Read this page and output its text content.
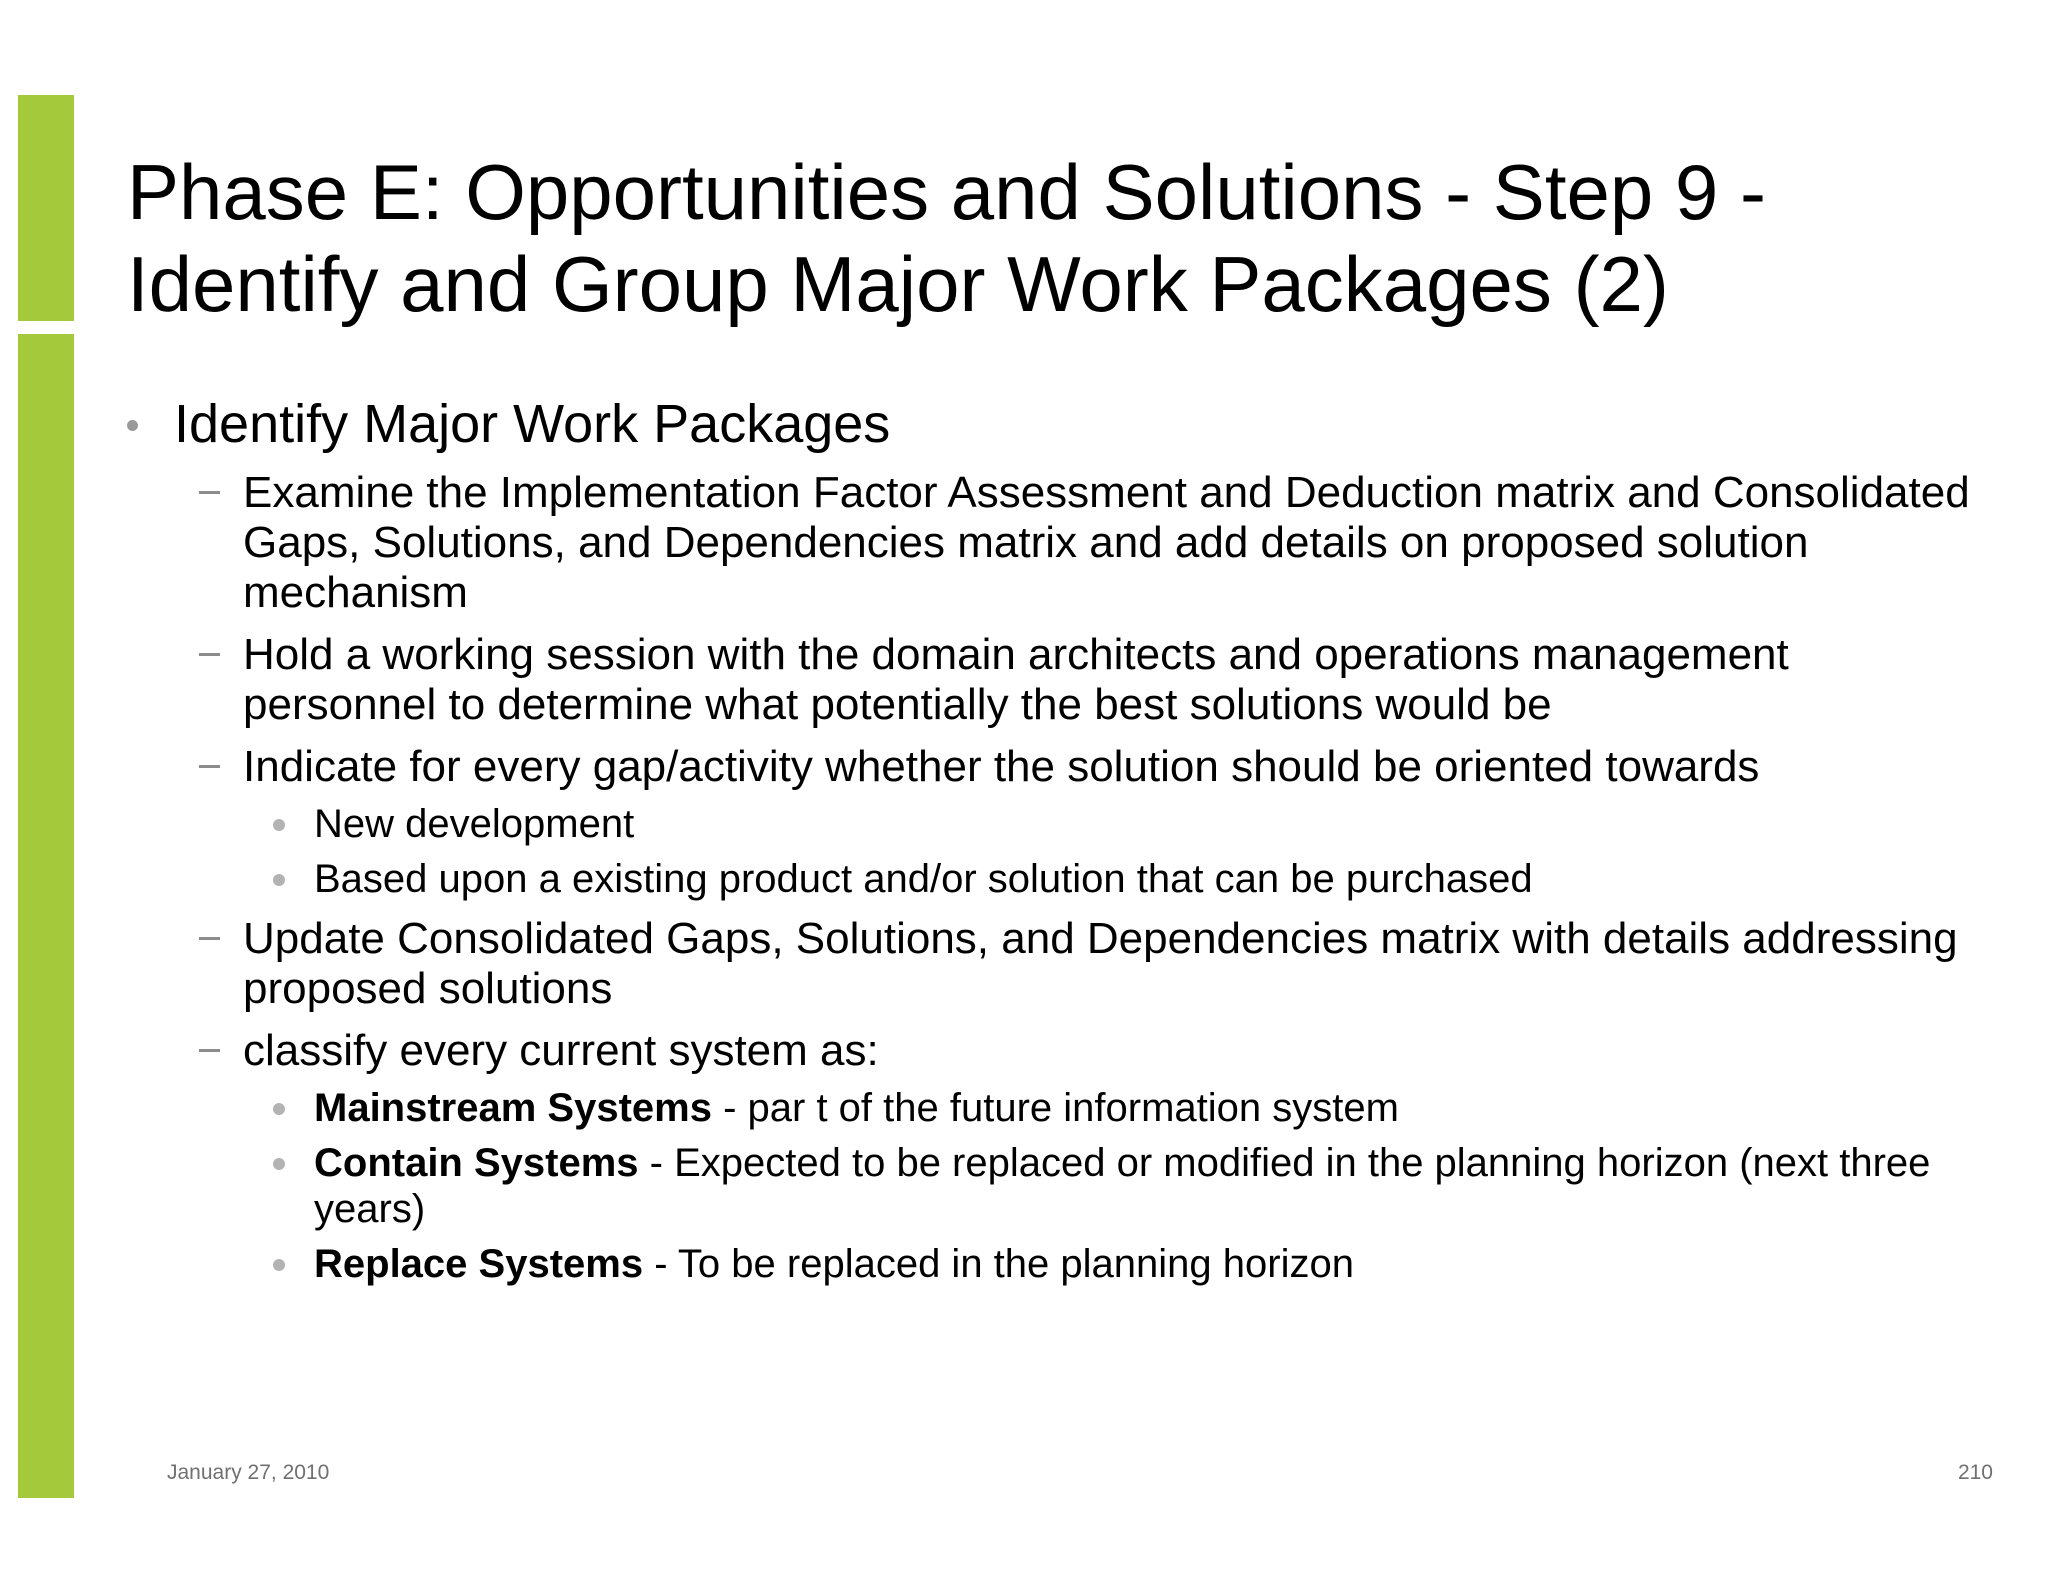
Phase E: Opportunities and Solutions - Step 9 -
Identify and Group Major Work Packages (2)
Identify Major Work Packages
Examine the Implementation Factor Assessment and Deduction matrix and Consolidated Gaps, Solutions, and Dependencies matrix and add details on proposed solution mechanism
Hold a working session with the domain architects and operations management personnel to determine what potentially the best solutions would be
Indicate for every gap/activity whether the solution should be oriented towards
New development
Based upon a existing product and/or solution that can be purchased
Update Consolidated Gaps, Solutions, and Dependencies matrix with details addressing proposed solutions
classify every current system as:
Mainstream Systems - par t of the future information system
Contain Systems - Expected to be replaced or modified in the planning horizon (next three years)
Replace Systems - To be replaced in the planning horizon
January 27, 2010	210
